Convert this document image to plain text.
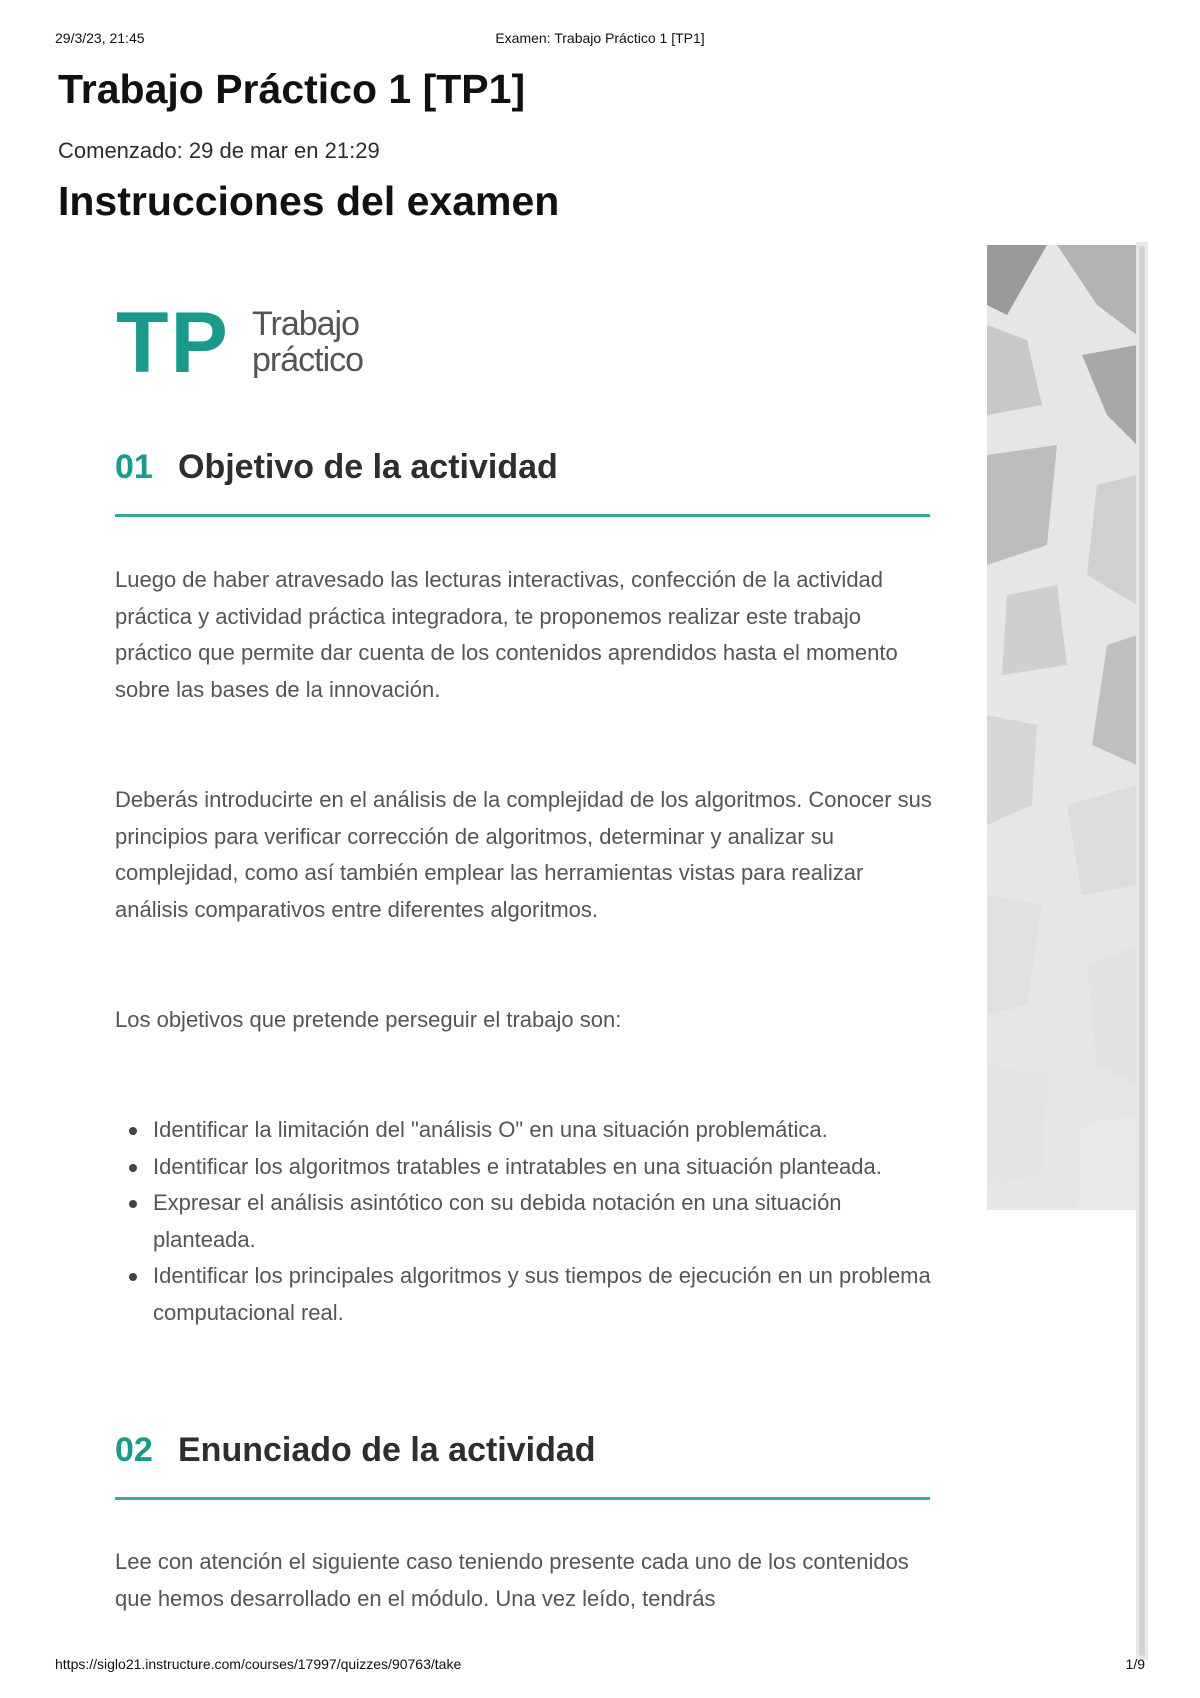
29/3/23, 21:45	Examen: Trabajo Práctico 1 [TP1]
Trabajo Práctico 1 [TP1]
Comenzado: 29 de mar en 21:29
Instrucciones del examen
TP Trabajo
práctico
01 Objetivo de la actividad

Luego de haber atravesado las lecturas interactivas, confección de la actividad práctica y actividad práctica integradora, te proponemos realizar este trabajo práctico que permite dar cuenta de los contenidos aprendidos hasta el momento sobre las bases de la innovación.

Deberás introducirte en el análisis de la complejidad de los algoritmos. Conocer sus principios para verificar corrección de algoritmos, determinar y analizar su complejidad, como así también emplear las herramientas vistas para realizar análisis comparativos entre diferentes algoritmos.

Los objetivos que pretende perseguir el trabajo son:

Identificar la limitación del "análisis O" en una situación problemática.
Identificar los algoritmos tratables e intratables en una situación planteada.
Expresar el análisis asintótico con su debida notación en una situación planteada.
Identificar los principales algoritmos y sus tiempos de ejecución en un problema computacional real.
02 Enunciado de la actividad

Lee con atención el siguiente caso teniendo presente cada uno de los contenidos que hemos desarrollado en el módulo. Una vez leído, tendrás

https://siglo21.instructure.com/courses/17997/quizzes/90763/take	1/9
